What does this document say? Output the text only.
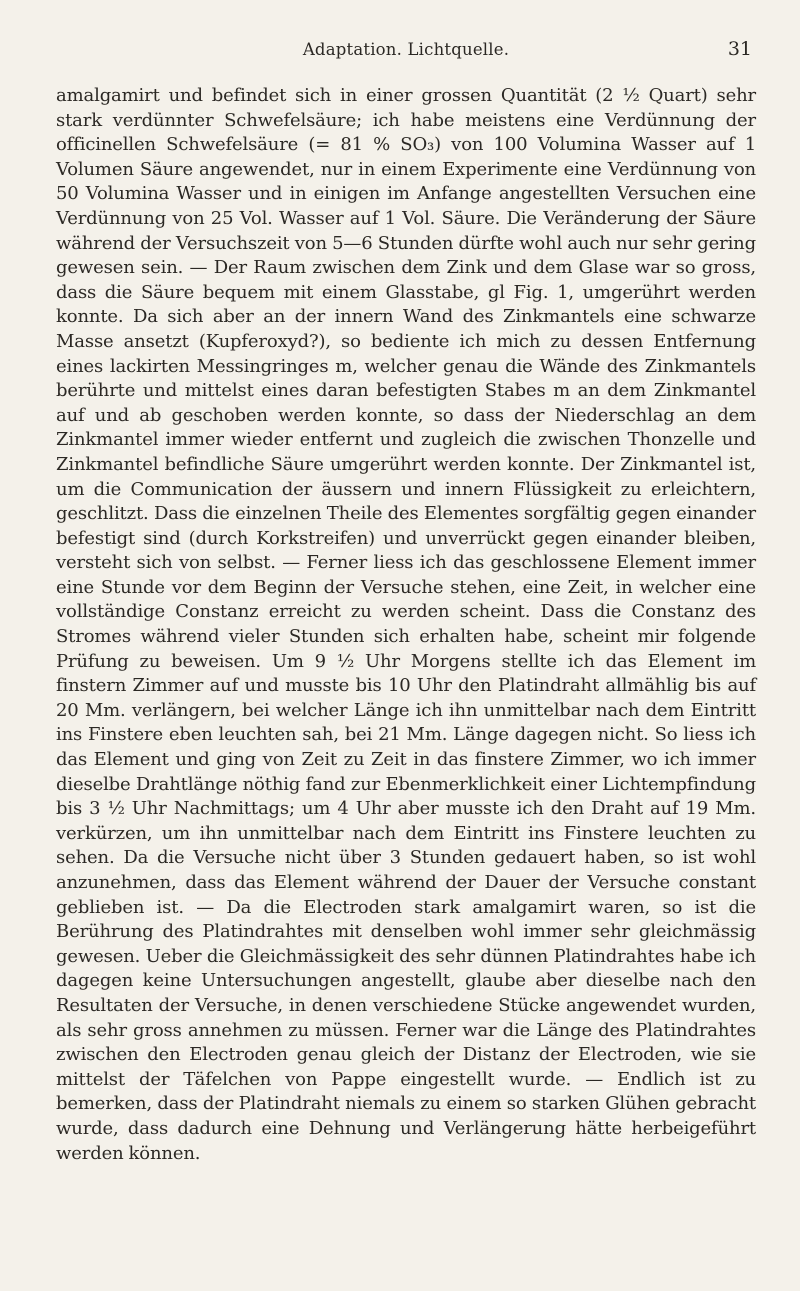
Adaptation. Lichtquelle.	31

amalgamirt und befindet sich in einer grossen Quantität (2 ½ Quart) sehr stark verdünnter Schwefelsäure; ich habe meistens eine Verdünnung der officinellen Schwefelsäure (= 81 % SO₃) von 100 Volumina Wasser auf 1 Volumen Säure angewendet, nur in einem Experimente eine Verdünnung von 50 Volumina Wasser und in einigen im Anfange angestellten Versuchen eine Verdünnung von 25 Vol. Wasser auf 1 Vol. Säure. Die Veränderung der Säure während der Versuchszeit von 5—6 Stunden dürfte wohl auch nur sehr gering gewesen sein. — Der Raum zwischen dem Zink und dem Glase war so gross, dass die Säure bequem mit einem Glasstabe, gl Fig. 1, umgerührt werden konnte. Da sich aber an der innern Wand des Zinkmantels eine schwarze Masse ansetzt (Kupferoxyd?), so bediente ich mich zu dessen Entfernung eines lackirten Messingringes m, welcher genau die Wände des Zinkmantels berührte und mittelst eines daran befestigten Stabes m an dem Zinkmantel auf und ab geschoben werden konnte, so dass der Niederschlag an dem Zinkmantel immer wieder entfernt und zugleich die zwischen Thonzelle und Zinkmantel befindliche Säure umgerührt werden konnte. Der Zinkmantel ist, um die Communication der äussern und innern Flüssigkeit zu erleichtern, geschlitzt. Dass die einzelnen Theile des Elementes sorgfältig gegen einander befestigt sind (durch Korkstreifen) und unverrückt gegen einander bleiben, versteht sich von selbst. — Ferner liess ich das geschlossene Element immer eine Stunde vor dem Beginn der Versuche stehen, eine Zeit, in welcher eine vollständige Constanz erreicht zu werden scheint. Dass die Constanz des Stromes während vieler Stunden sich erhalten habe, scheint mir folgende Prüfung zu beweisen. Um 9 ½ Uhr Morgens stellte ich das Element im finstern Zimmer auf und musste bis 10 Uhr den Platindraht allmählig bis auf 20 Mm. verlängern, bei welcher Länge ich ihn unmittelbar nach dem Eintritt ins Finstere eben leuchten sah, bei 21 Mm. Länge dagegen nicht. So liess ich das Element und ging von Zeit zu Zeit in das finstere Zimmer, wo ich immer dieselbe Drahtlänge nöthig fand zur Ebenmerklichkeit einer Lichtempfindung bis 3 ½ Uhr Nachmittags; um 4 Uhr aber musste ich den Draht auf 19 Mm. verkürzen, um ihn unmittelbar nach dem Eintritt ins Finstere leuchten zu sehen. Da die Versuche nicht über 3 Stunden gedauert haben, so ist wohl anzunehmen, dass das Element während der Dauer der Versuche constant geblieben ist. — Da die Electroden stark amalgamirt waren, so ist die Berührung des Platindrahtes mit denselben wohl immer sehr gleichmässig gewesen. Ueber die Gleichmässigkeit des sehr dünnen Platindrahtes habe ich dagegen keine Untersuchungen angestellt, glaube aber dieselbe nach den Resultaten der Versuche, in denen verschiedene Stücke angewendet wurden, als sehr gross annehmen zu müssen. Ferner war die Länge des Platindrahtes zwischen den Electroden genau gleich der Distanz der Electroden, wie sie mittelst der Täfelchen von Pappe eingestellt wurde. — Endlich ist zu bemerken, dass der Platindraht niemals zu einem so starken Glühen gebracht wurde, dass dadurch eine Dehnung und Verlängerung hätte herbeigeführt werden können.
